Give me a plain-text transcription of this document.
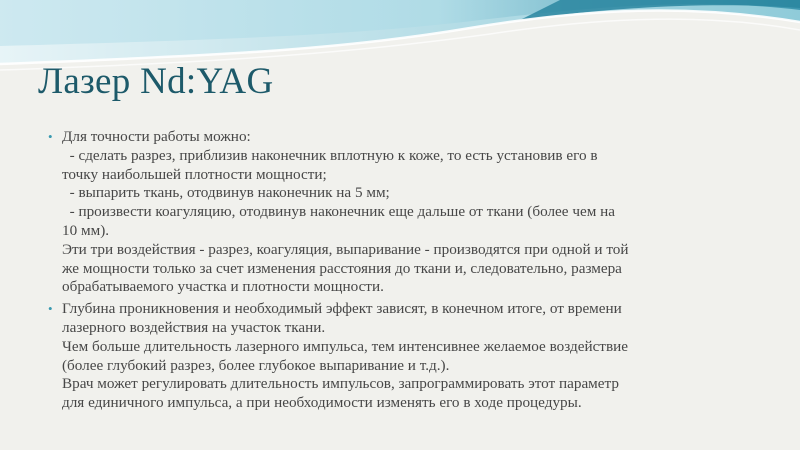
Лазер Nd:YAG
• Для точности работы можно:
- сделать разрез, приблизив наконечник вплотную к коже, то есть установив его в
точку наибольшей плотности мощности;
- выпарить ткань, отодвинув наконечник на 5 мм;
- произвести коагуляцию, отодвинув наконечник еще дальше от ткани (более чем на
10 мм).
Эти три воздействия - разрез, коагуляция, выпаривание - производятся при одной и той
же мощности только за счет изменения расстояния до ткани и, следовательно, размера
обрабатываемого участка и плотности мощности.
• Глубина проникновения и необходимый эффект зависят, в конечном итоге, от времени
лазерного воздействия на участок ткани.
Чем больше длительность лазерного импульса, тем интенсивнее желаемое воздействие
(более глубокий разрез, более глубокое выпаривание и т.д.).
Врач может регулировать длительность импульсов, запрограммировать этот параметр
для единичного импульса, а при необходимости изменять его в ходе процедуры.
